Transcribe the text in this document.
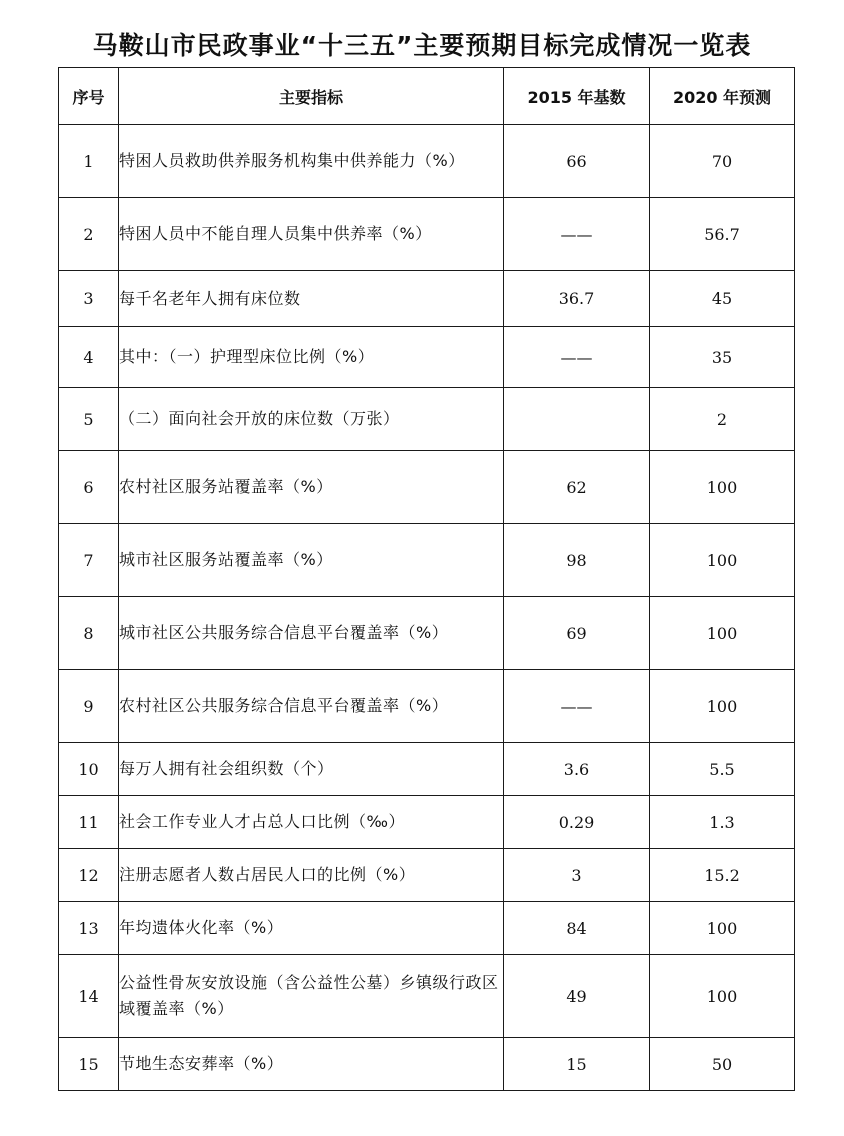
马鞍山市民政事业“十三五”主要预期目标完成情况一览表
序号	主要指标	2015 年基数	2020 年预测
1	特困人员救助供养服务机构集中供养能力（%）	66	70
2	特困人员中不能自理人员集中供养率（%）	——	56.7
3	每千名老年人拥有床位数	36.7	45
4	其中：（一）护理型床位比例（%）	——	35
5	（二）面向社会开放的床位数（万张）		2
6	农村社区服务站覆盖率（%）	62	100
7	城市社区服务站覆盖率（%）	98	100
8	城市社区公共服务综合信息平台覆盖率（%）	69	100
9	农村社区公共服务综合信息平台覆盖率（%）	——	100
10	每万人拥有社会组织数（个）	3.6	5.5
11	社会工作专业人才占总人口比例（‰）	0.29	1.3
12	注册志愿者人数占居民人口的比例（%）	3	15.2
13	年均遗体火化率（%）	84	100
14	公益性骨灰安放设施（含公益性公墓）乡镇级行政区域覆盖率（%）	49	100
15	节地生态安葬率（%）	15	50
